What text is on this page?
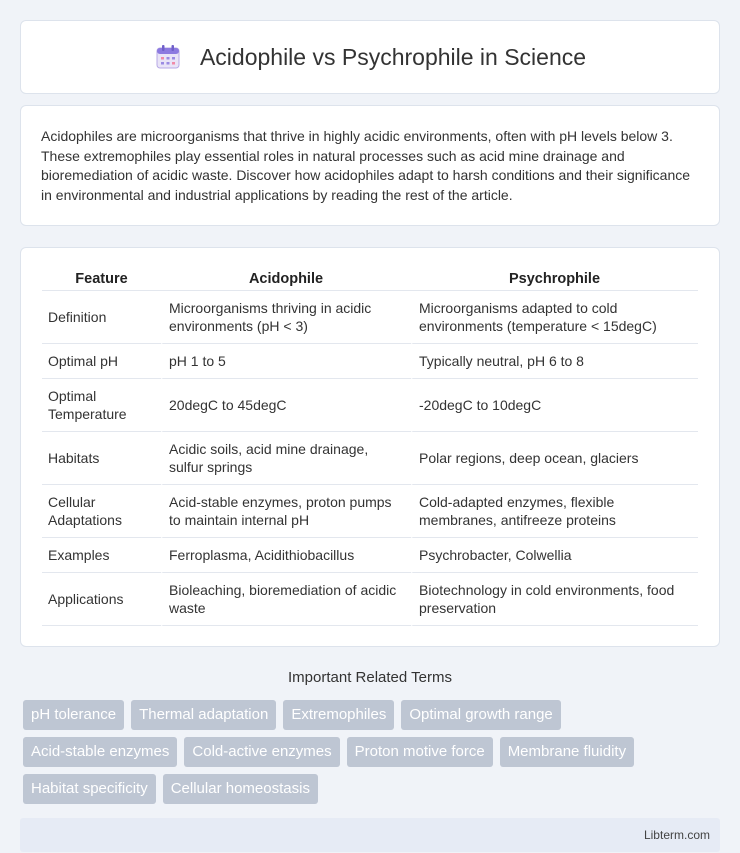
Acidophile vs Psychrophile in Science

Acidophiles are microorganisms that thrive in highly acidic environments, often with pH levels below 3. These extremophiles play essential roles in natural processes such as acid mine drainage and bioremediation of acidic waste. Discover how acidophiles adapt to harsh conditions and their significance in environmental and industrial applications by reading the rest of the article.

Feature	Acidophile	Psychrophile
Definition	Microorganisms thriving in acidic environments (pH < 3)	Microorganisms adapted to cold environments (temperature < 15degC)
Optimal pH	pH 1 to 5	Typically neutral, pH 6 to 8
Optimal Temperature	20degC to 45degC	-20degC to 10degC
Habitats	Acidic soils, acid mine drainage, sulfur springs	Polar regions, deep ocean, glaciers
Cellular Adaptations	Acid-stable enzymes, proton pumps to maintain internal pH	Cold-adapted enzymes, flexible membranes, antifreeze proteins
Examples	Ferroplasma, Acidithiobacillus	Psychrobacter, Colwellia
Applications	Bioleaching, bioremediation of acidic waste	Biotechnology in cold environments, food preservation
Important Related Terms
pH tolerance	Thermal adaptation	Extremophiles	Optimal growth range
Acid-stable enzymes	Cold-active enzymes	Proton motive force	Membrane fluidity
Habitat specificity	Cellular homeostasis
Libterm.com
